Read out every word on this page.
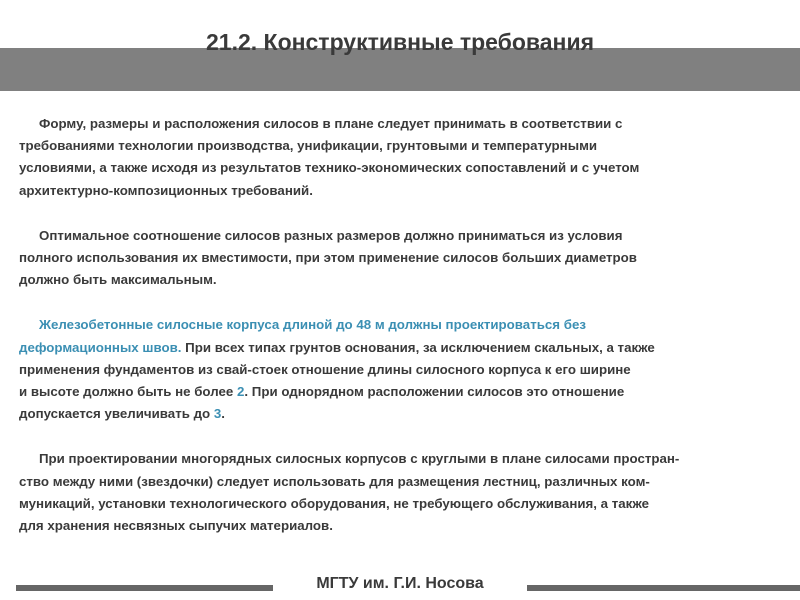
21.2. Конструктивные требования

Форму, размеры и расположения силосов в плане следует принимать в соответствии с
требованиями технологии производства, унификации, грунтовыми и температурными
условиями, а также исходя из результатов технико-экономических сопоставлений и с учетом
архитектурно-композиционных требований.

Оптимальное соотношение силосов разных размеров должно приниматься из условия
полного использования их вместимости, при этом применение силосов больших диаметров
должно быть максимальным.

Железобетонные силосные корпуса длиной до 48 м должны проектироваться без
деформационных швов. При всех типах грунтов основания, за исключением скальных, а также
применения фундаментов из свай-стоек отношение длины силосного корпуса к его ширине
и высоте должно быть не более 2. При однорядном расположении силосов это отношение
допускается увеличивать до 3.

При проектировании многорядных силосных корпусов с круглыми в плане силосами простран-
ство между ними (звездочки) следует использовать для размещения лестниц, различных ком-
муникаций, установки технологического оборудования, не требующего обслуживания, а также
для хранения несвязных сыпучих материалов.

МГТУ им. Г.И. Носова
